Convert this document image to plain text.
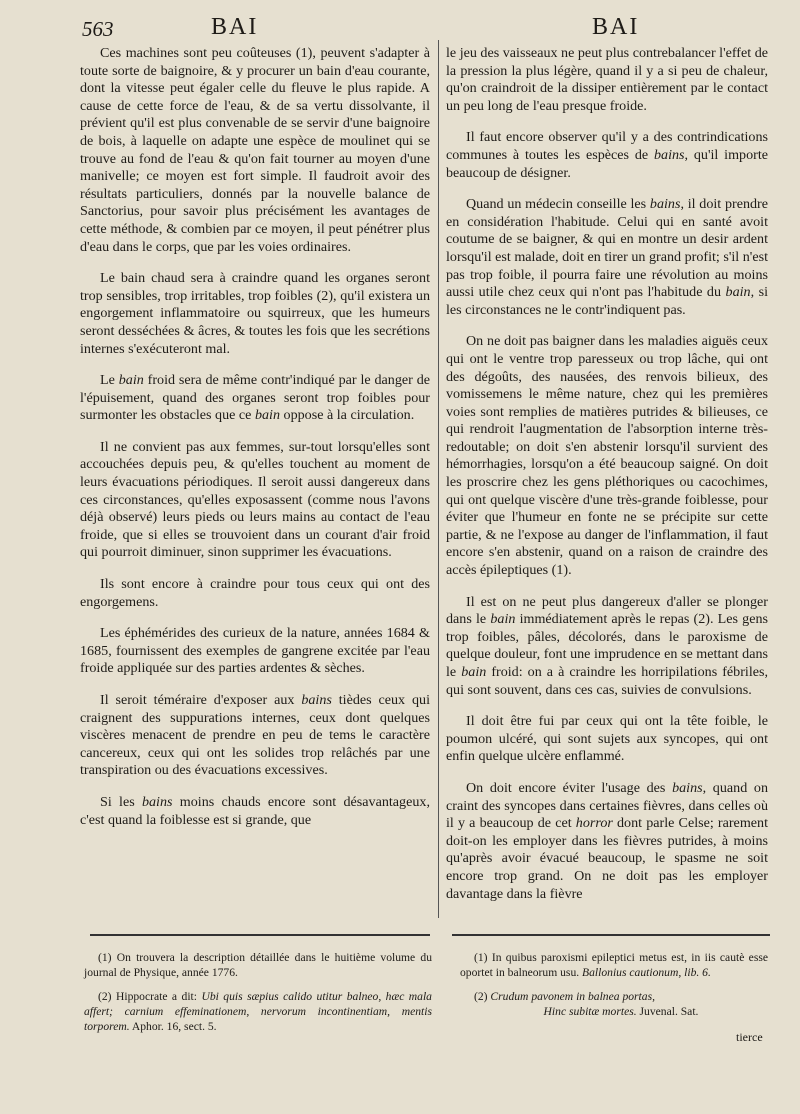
563	BAI	BAI

Ces machines sont peu coûteuses (1), peuvent s'adapter à toute sorte de baignoire, & y procurer un bain d'eau courante, dont la vitesse peut égaler celle du fleuve le plus rapide. A cause de cette force de l'eau, & de sa vertu dissolvante, il prévient qu'il est plus convenable de se servir d'une baignoire de bois, à laquelle on adapte une espèce de moulinet qui se trouve au fond de l'eau & qu'on fait tourner au moyen d'une manivelle; ce moyen est fort simple. Il faudroit avoir des résultats particuliers, donnés par la nouvelle balance de Sanctorius, pour savoir plus précisément les avantages de cette méthode, & combien par ce moyen, il peut pénétrer plus d'eau dans le corps, que par les voies ordinaires.

Le bain chaud sera à craindre quand les organes seront trop sensibles, trop irritables, trop foibles (2), qu'il existera un engorgement inflammatoire ou squirreux, que les humeurs seront desséchées & âcres, & toutes les fois que les secrétions internes s'exécuteront mal.

Le bain froid sera de même contr'indiqué par le danger de l'épuisement, quand des organes seront trop foibles pour surmonter les obstacles que ce bain oppose à la circulation.

Il ne convient pas aux femmes, sur-tout lorsqu'elles sont accouchées depuis peu, & qu'elles touchent au moment de leurs évacuations périodiques. Il seroit aussi dangereux dans ces circonstances, qu'elles exposassent (comme nous l'avons déjà observé) leurs pieds ou leurs mains au contact de l'eau froide, que si elles se trouvoient dans un courant d'air froid qui pourroit diminuer, sinon supprimer les évacuations.

Ils sont encore à craindre pour tous ceux qui ont des engorgemens.

Les éphémérides des curieux de la nature, années 1684 & 1685, fournissent des exemples de gangrene excitée par l'eau froide appliquée sur des parties ardentes & sèches.

Il seroit téméraire d'exposer aux bains tièdes ceux qui craignent des suppurations internes, ceux dont quelques viscères menacent de prendre en peu de tems le caractère cancereux, ceux qui ont les solides trop relâchés par une transpiration ou des évacuations excessives.

Si les bains moins chauds encore sont désavantageux, c'est quand la foiblesse est si grande, que

le jeu des vaisseaux ne peut plus contrebalancer l'effet de la pression la plus légère, quand il y a si peu de chaleur, qu'on craindroit de la dissiper entièrement par le contact un peu long de l'eau presque froide.

Il faut encore observer qu'il y a des contrindications communes à toutes les espèces de bains, qu'il importe beaucoup de désigner.

Quand un médecin conseille les bains, il doit prendre en considération l'habitude. Celui qui en santé avoit coutume de se baigner, & qui en montre un desir ardent lorsqu'il est malade, doit en tirer un grand profit; s'il n'est pas trop foible, il pourra faire une révolution au moins aussi utile chez ceux qui n'ont pas l'habitude du bain, si les circonstances ne le contr'indiquent pas.

On ne doit pas baigner dans les maladies aiguës ceux qui ont le ventre trop paresseux ou trop lâche, qui ont des dégoûts, des nausées, des renvois bilieux, des vomissemens le même nature, chez qui les premières voies sont remplies de matières putrides & bilieuses, ce qui rendroit l'augmentation de l'absorption interne très-redoutable; on doit s'en abstenir lorsqu'il survient des hémorrhagies, lorsqu'on a été beaucoup saigné. On doit les proscrire chez les gens pléthoriques ou cacochimes, qui ont quelque viscère d'une très-grande foiblesse, pour éviter que l'humeur en fonte ne se précipite sur cette partie, & ne l'expose au danger de l'inflammation, il faut encore s'en abstenir, quand on a raison de craindre des accès épileptiques (1).

Il est on ne peut plus dangereux d'aller se plonger dans le bain immédiatement après le repas (2). Les gens trop foibles, pâles, décolorés, dans le paroxisme de quelque douleur, font une imprudence en se mettant dans le bain froid: on a à craindre les horripilations fébriles, qui sont souvent, dans ces cas, suivies de convulsions.

Il doit être fui par ceux qui ont la tête foible, le poumon ulcéré, qui sont sujets aux syncopes, qui ont enfin quelque ulcère enflammé.

On doit encore éviter l'usage des bains, quand on craint des syncopes dans certaines fièvres, dans celles où il y a beaucoup de cet horror dont parle Celse; rarement doit-on les employer dans les fièvres putrides, à moins qu'après avoir évacué beaucoup, le spasme ne soit encore trop grand. On ne doit pas les employer davantage dans la fièvre

(1) On trouvera la description détaillée dans le huitième volume du journal de Physique, année 1776.

(2) Hippocrate a dit: Ubi quis sæpius calido utitur balneo, hæc mala affert; carnium effeminationem, nervorum incontinentiam, mentis torporem. Aphor. 16, sect. 5.

(1) In quibus paroxismi epileptici metus est, in iis cautè esse oportet in balneorum usu. Ballonius cautionum, lib. 6.

(2) Crudum pavonem in balnea portas,

Hinc subitæ mortes. Juvenal. Sat.

tierce
